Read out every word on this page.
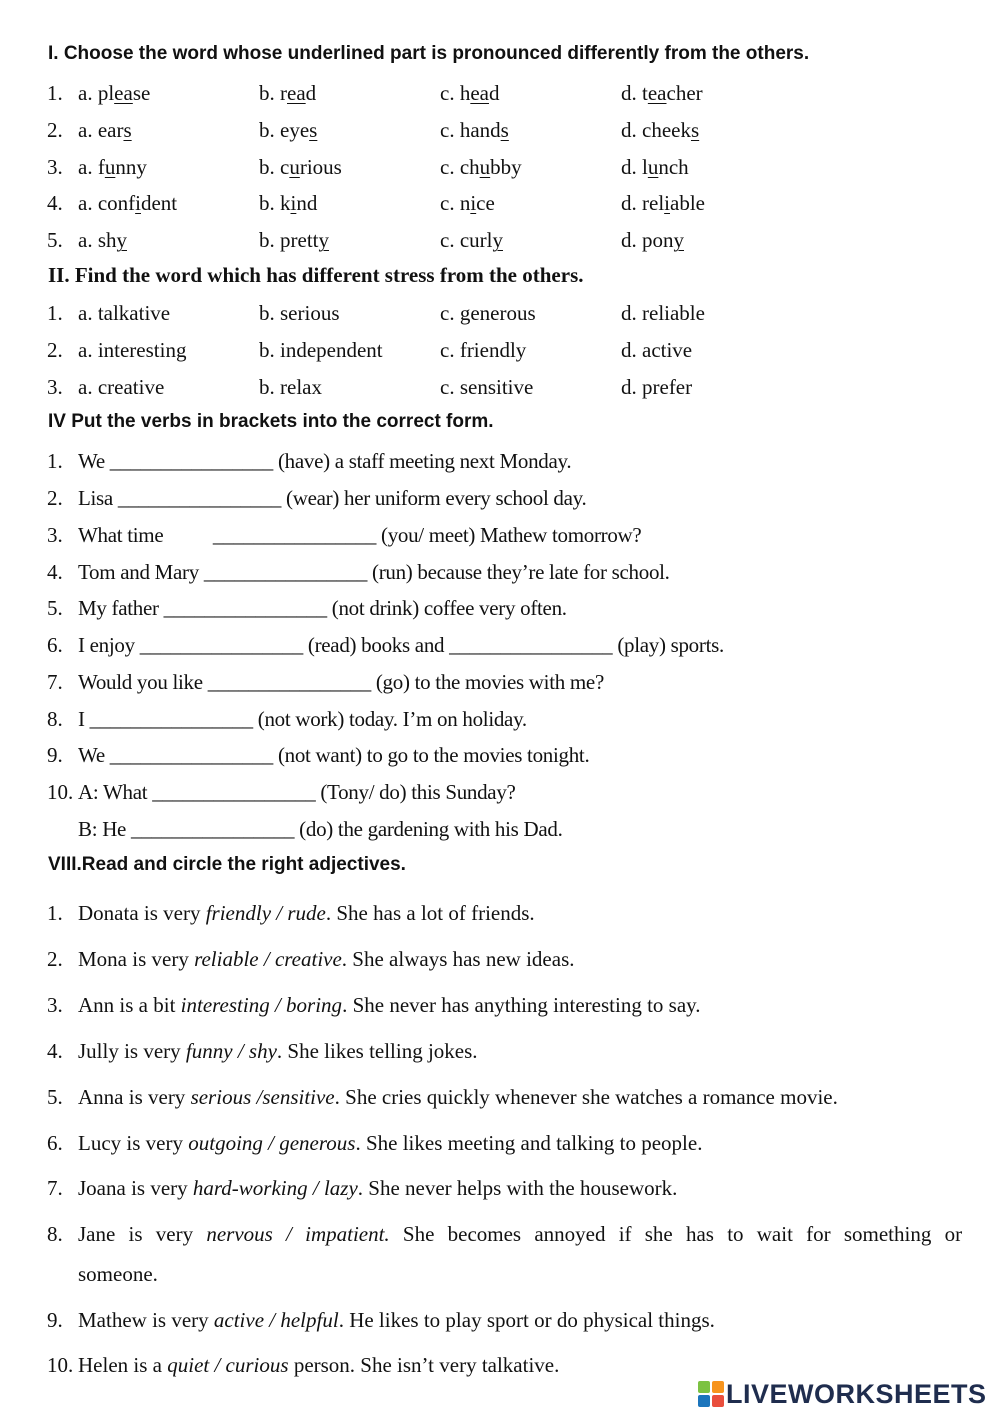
I. Choose the word whose underlined part is pronounced differently from the others.
1. a. please	b. read	c. head	d. teacher
2. a. ears	b. eyes	c. hands	d. cheeks
3. a. funny	b. curious	c. chubby	d. lunch
4. a. confident	b. kind	c. nice	d. reliable
5. a. shy	b. pretty	c. curly	d. pony
II. Find the word which has different stress from the others.
1. a. talkative	b. serious	c. generous	d. reliable
2. a. interesting	b. independent	c. friendly	d. active
3. a. creative	b. relax	c. sensitive	d. prefer
IV Put the verbs in brackets into the correct form.
1. We ________________ (have) a staff meeting next Monday.
2. Lisa ________________ (wear) her uniform every school day.
3. What time          ________________ (you/ meet) Mathew tomorrow?
4. Tom and Mary ________________ (run) because they’re late for school.
5. My father ________________ (not drink) coffee very often.
6. I enjoy ________________ (read) books and ________________ (play) sports.
7. Would you like ________________ (go) to the movies with me?
8. I ________________ (not work) today. I’m on holiday.
9. We ________________ (not want) to go to the movies tonight.
10. A: What ________________ (Tony/ do) this Sunday?
B: He ________________ (do) the gardening with his Dad.
VIII.Read and circle the right adjectives.
1. Donata is very friendly / rude. She has a lot of friends.
2. Mona is very reliable / creative. She always has new ideas.
3. Ann is a bit interesting / boring. She never has anything interesting to say.
4. Jully is very funny / shy. She likes telling jokes.
5. Anna is very serious /sensitive. She cries quickly whenever she watches a romance movie.
6. Lucy is very outgoing / generous. She likes meeting and talking to people.
7. Joana is very hard-working / lazy. She never helps with the housework.
8. Jane is very nervous / impatient. She becomes annoyed if she has to wait for something or
someone.
9. Mathew is very active / helpful. He likes to play sport or do physical things.
10. Helen is a quiet / curious person. She isn’t very talkative.
LIVEWORKSHEETS
